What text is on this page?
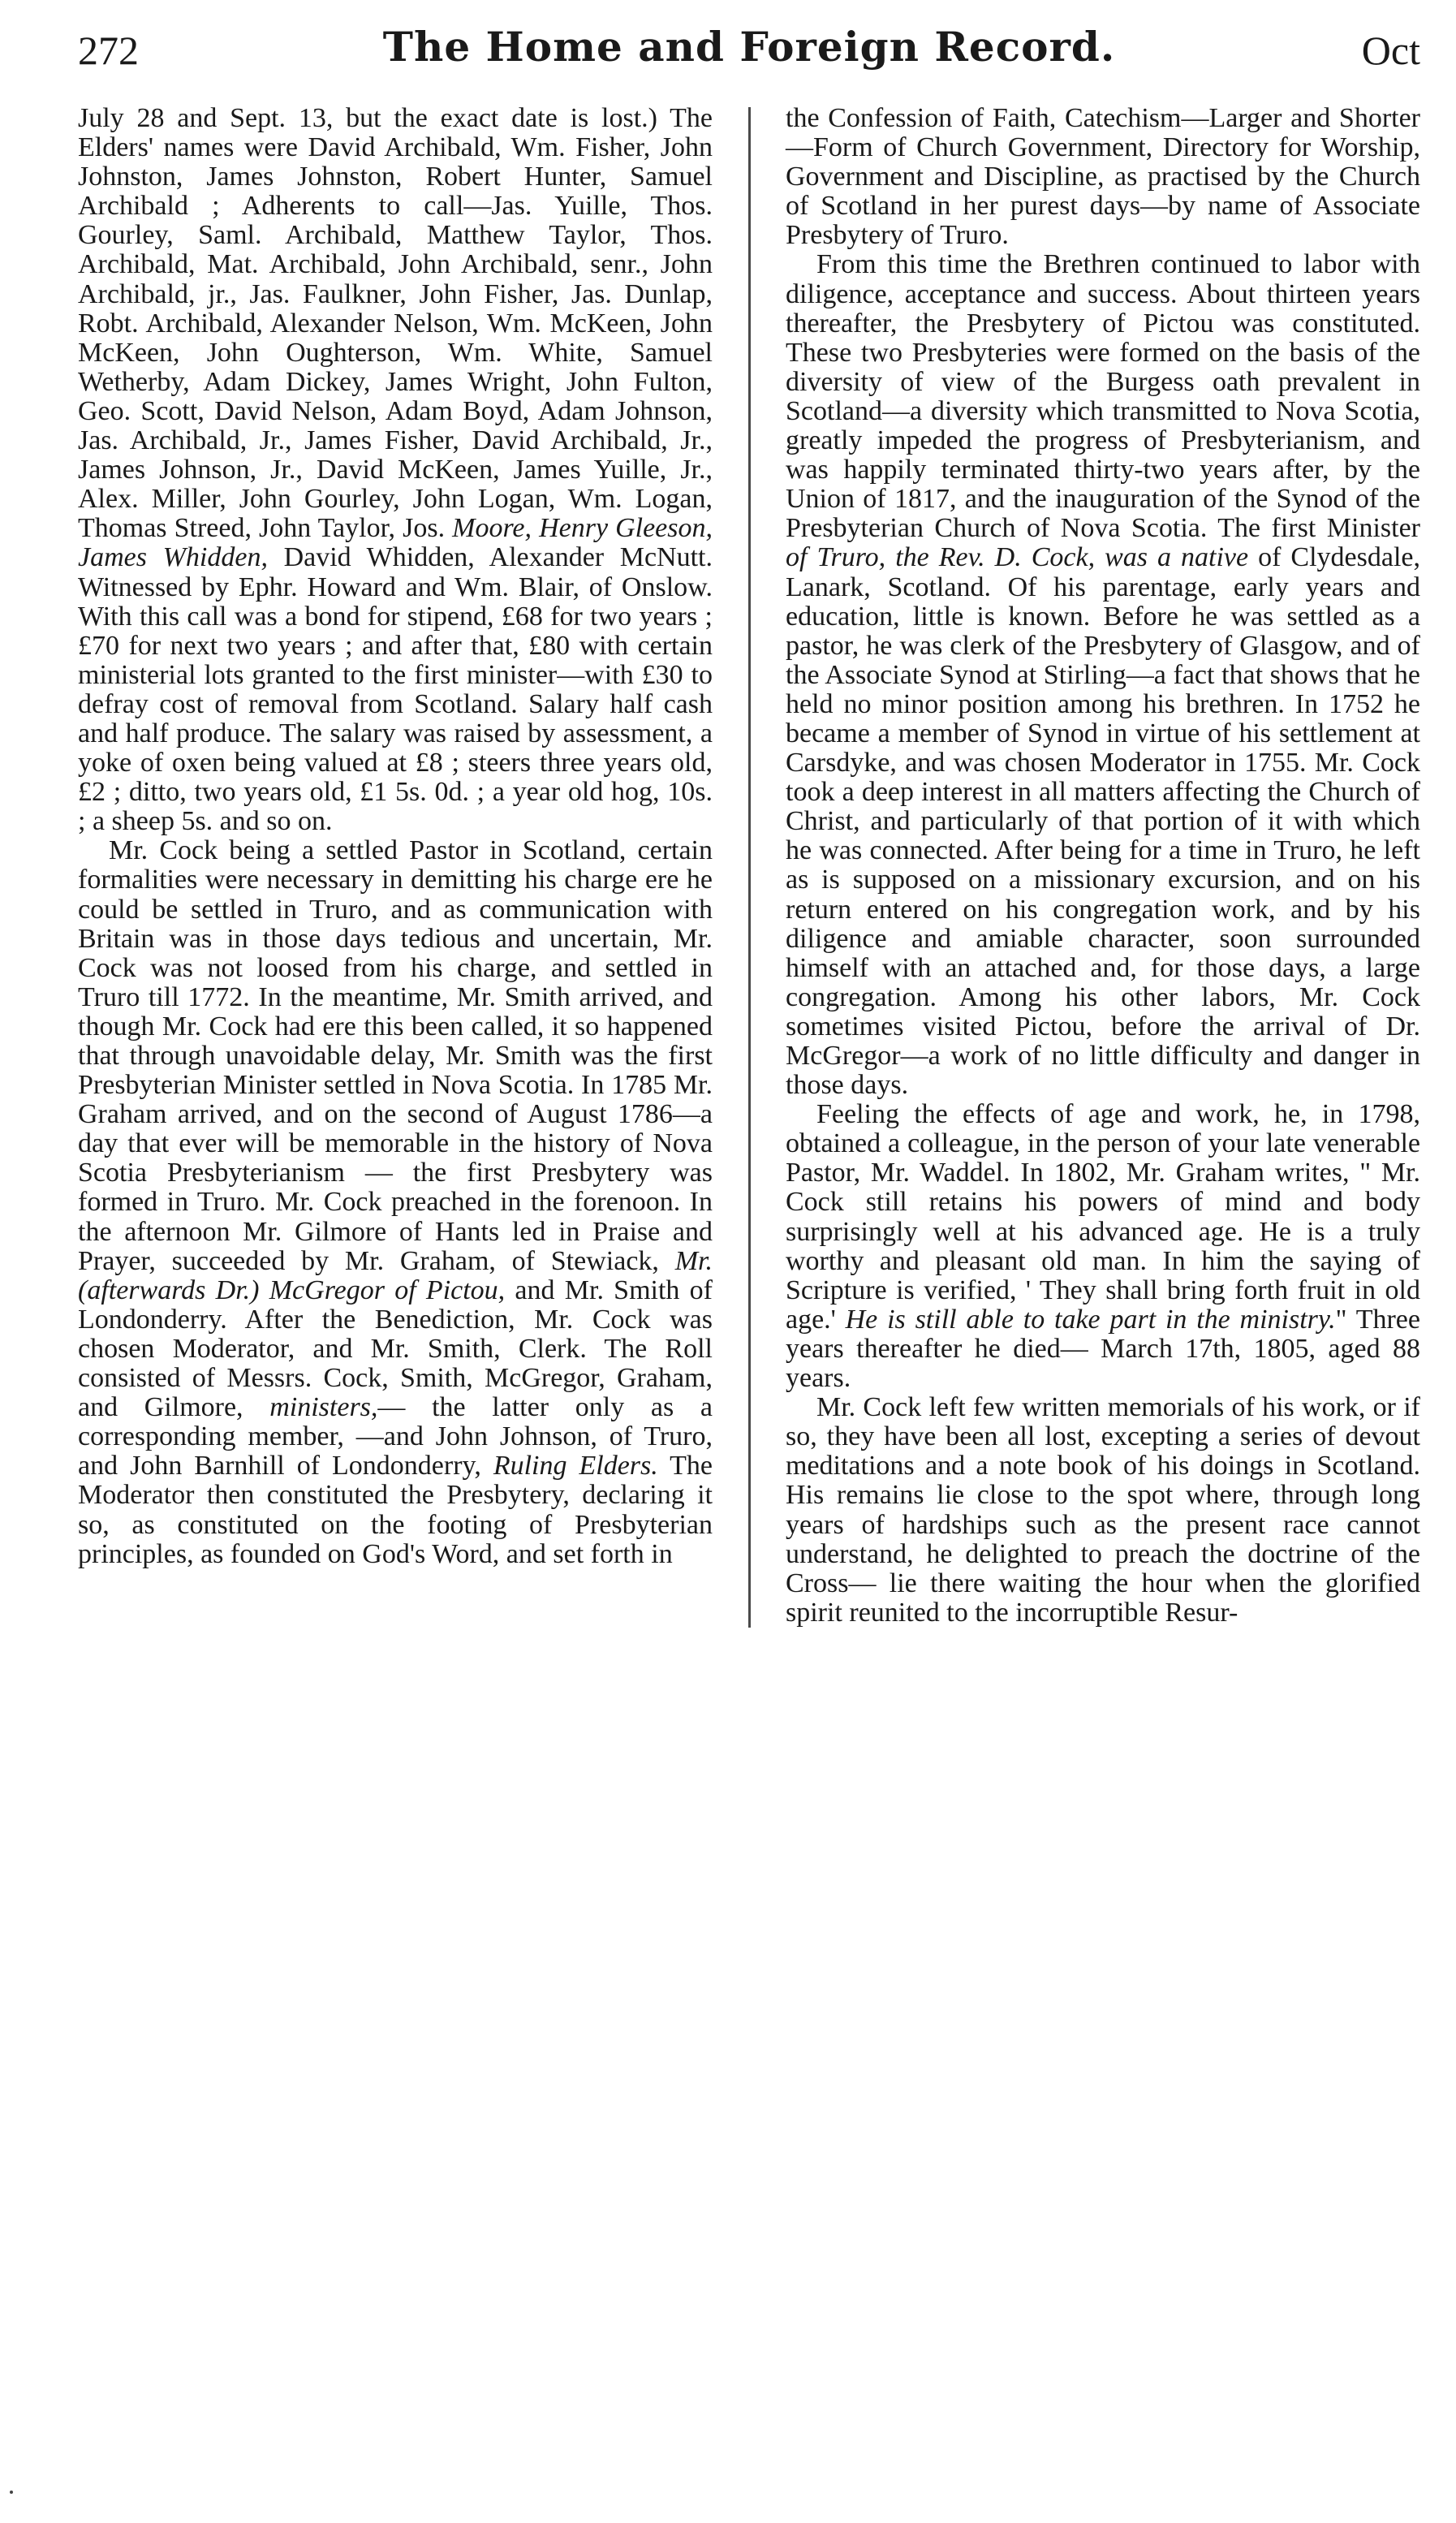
272	The Home and Foreign Record.	Oct

July 28 and Sept. 13, but the exact date is lost.) The Elders' names were David Archibald, Wm. Fisher, John Johnston, James Johnston, Robert Hunter, Samuel Archibald ; Adherents to call—Jas. Yuille, Thos. Gourley, Saml. Archibald, Matthew Taylor, Thos. Archibald, Mat. Archibald, John Archibald, senr., John Archibald, jr., Jas. Faulkner, John Fisher, Jas. Dunlap, Robt. Archibald, Alexander Nelson, Wm. McKeen, John McKeen, John Oughterson, Wm. White, Samuel Wetherby, Adam Dickey, James Wright, John Fulton, Geo. Scott, David Nelson, Adam Boyd, Adam Johnson, Jas. Archibald, Jr., James Fisher, David Archibald, Jr., James Johnson, Jr., David McKeen, James Yuille, Jr., Alex. Miller, John Gourley, John Logan, Wm. Logan, Thomas Streed, John Taylor, Jos. Moore, Henry Gleeson, James Whidden, David Whidden, Alexander McNutt. Witnessed by Ephr. Howard and Wm. Blair, of Onslow. With this call was a bond for stipend, £68 for two years ; £70 for next two years ; and after that, £80 with certain ministerial lots granted to the first minister—with £30 to defray cost of removal from Scotland. Salary half cash and half produce. The salary was raised by assessment, a yoke of oxen being valued at £8 ; steers three years old, £2 ; ditto, two years old, £1 5s. 0d. ; a year old hog, 10s. ; a sheep 5s. and so on.

Mr. Cock being a settled Pastor in Scotland, certain formalities were necessary in demitting his charge ere he could be settled in Truro, and as communication with Britain was in those days tedious and uncertain, Mr. Cock was not loosed from his charge, and settled in Truro till 1772. In the meantime, Mr. Smith arrived, and though Mr. Cock had ere this been called, it so happened that through unavoidable delay, Mr. Smith was the first Presbyterian Minister settled in Nova Scotia. In 1785 Mr. Graham arrived, and on the second of August 1786—a day that ever will be memorable in the history of Nova Scotia Presbyterianism — the first Presbytery was formed in Truro. Mr. Cock preached in the forenoon. In the afternoon Mr. Gilmore of Hants led in Praise and Prayer, succeeded by Mr. Graham, of Stewiack, Mr. (afterwards Dr.) McGregor of Pictou, and Mr. Smith of Londonderry. After the Benediction, Mr. Cock was chosen Moderator, and Mr. Smith, Clerk. The Roll consisted of Messrs. Cock, Smith, McGregor, Graham, and Gilmore, ministers,— the latter only as a corresponding member, —and John Johnson, of Truro, and John Barnhill of Londonderry, Ruling Elders. The Moderator then constituted the Presbytery, declaring it so, as constituted on the footing of Presbyterian principles, as founded on God's Word, and set forth in

the Confession of Faith, Catechism—Larger and Shorter—Form of Church Government, Directory for Worship, Government and Discipline, as practised by the Church of Scotland in her purest days—by name of Associate Presbytery of Truro.

From this time the Brethren continued to labor with diligence, acceptance and success. About thirteen years thereafter, the Presbytery of Pictou was constituted. These two Presbyteries were formed on the basis of the diversity of view of the Burgess oath prevalent in Scotland—a diversity which transmitted to Nova Scotia, greatly impeded the progress of Presbyterianism, and was happily terminated thirty-two years after, by the Union of 1817, and the inauguration of the Synod of the Presbyterian Church of Nova Scotia. The first Minister of Truro, the Rev. D. Cock, was a native of Clydesdale, Lanark, Scotland. Of his parentage, early years and education, little is known. Before he was settled as a pastor, he was clerk of the Presbytery of Glasgow, and of the Associate Synod at Stirling—a fact that shows that he held no minor position among his brethren. In 1752 he became a member of Synod in virtue of his settlement at Carsdyke, and was chosen Moderator in 1755. Mr. Cock took a deep interest in all matters affecting the Church of Christ, and particularly of that portion of it with which he was connected. After being for a time in Truro, he left as is supposed on a missionary excursion, and on his return entered on his congregation work, and by his diligence and amiable character, soon surrounded himself with an attached and, for those days, a large congregation. Among his other labors, Mr. Cock sometimes visited Pictou, before the arrival of Dr. McGregor—a work of no little difficulty and danger in those days.

Feeling the effects of age and work, he, in 1798, obtained a colleague, in the person of your late venerable Pastor, Mr. Waddel. In 1802, Mr. Graham writes, " Mr. Cock still retains his powers of mind and body surprisingly well at his advanced age. He is a truly worthy and pleasant old man. In him the saying of Scripture is verified, ' They shall bring forth fruit in old age.' He is still able to take part in the ministry." Three years thereafter he died— March 17th, 1805, aged 88 years.

Mr. Cock left few written memorials of his work, or if so, they have been all lost, excepting a series of devout meditations and a note book of his doings in Scotland. His remains lie close to the spot where, through long years of hardships such as the present race cannot understand, he delighted to preach the doctrine of the Cross— lie there waiting the hour when the glorified spirit reunited to the incorruptible Resur-
